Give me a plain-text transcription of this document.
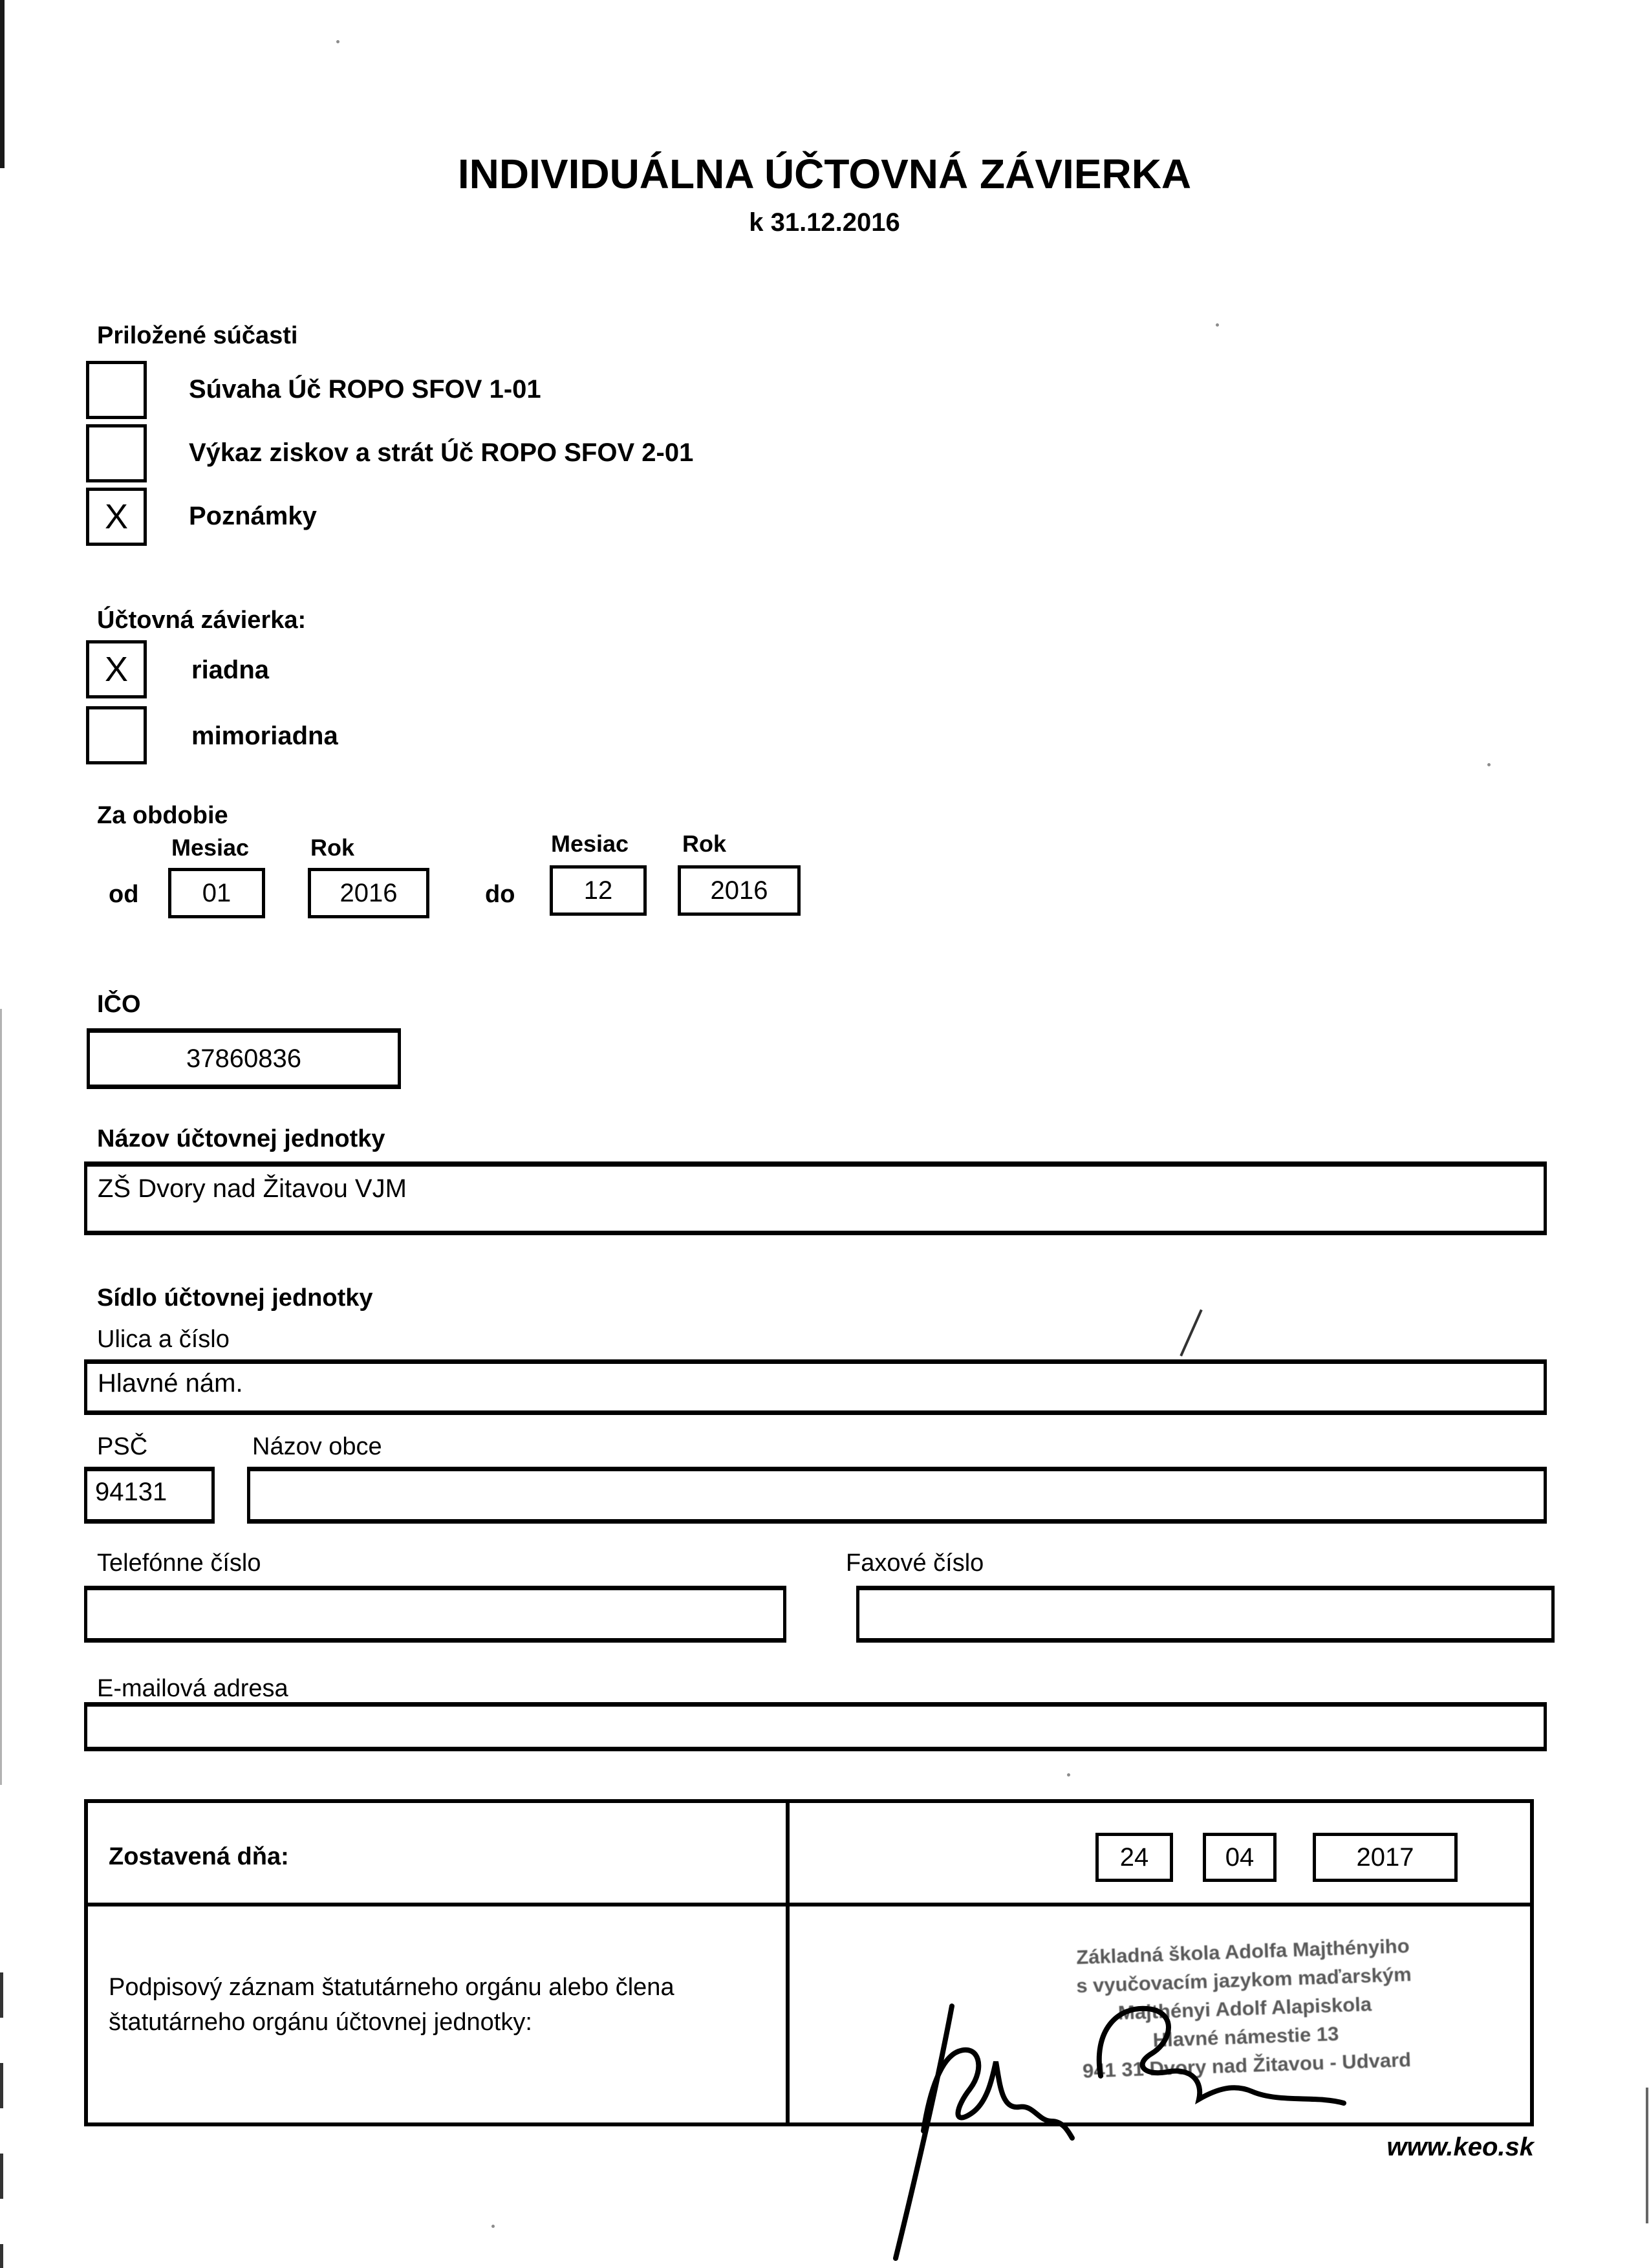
INDIVIDUÁLNA ÚČTOVNÁ ZÁVIERKA
k 31.12.2016
Priložené súčasti
Súvaha Úč ROPO SFOV 1-01
Výkaz ziskov a strát Úč ROPO SFOV 2-01
X	Poznámky
Účtovná závierka:
X	riadna
mimoriadna
Za obdobie
Mesiac	Rok	Mesiac Rok
od	01	2016	do	12	2016
IČO
37860836
Názov účtovnej jednotky
ZŠ Dvory nad Žitavou VJM
Sídlo účtovnej jednotky
Ulica a číslo
Hlavné nám.
PSČ	Názov obce
94131
Telefónne číslo	Faxové číslo
E-mailová adresa
Zostavená dňa:	24	04	2017
Podpisový záznam štatutárneho orgánu alebo člena
štatutárneho orgánu účtovnej jednotky:
Základná škola Adolfa Majthényiho
s vyučovacím jazykom maďarským
Majthényi Adolf Alapiskola
Hlavné námestie 13
941 31 Dvory nad Žitavou - Udvard
www.keo.sk
